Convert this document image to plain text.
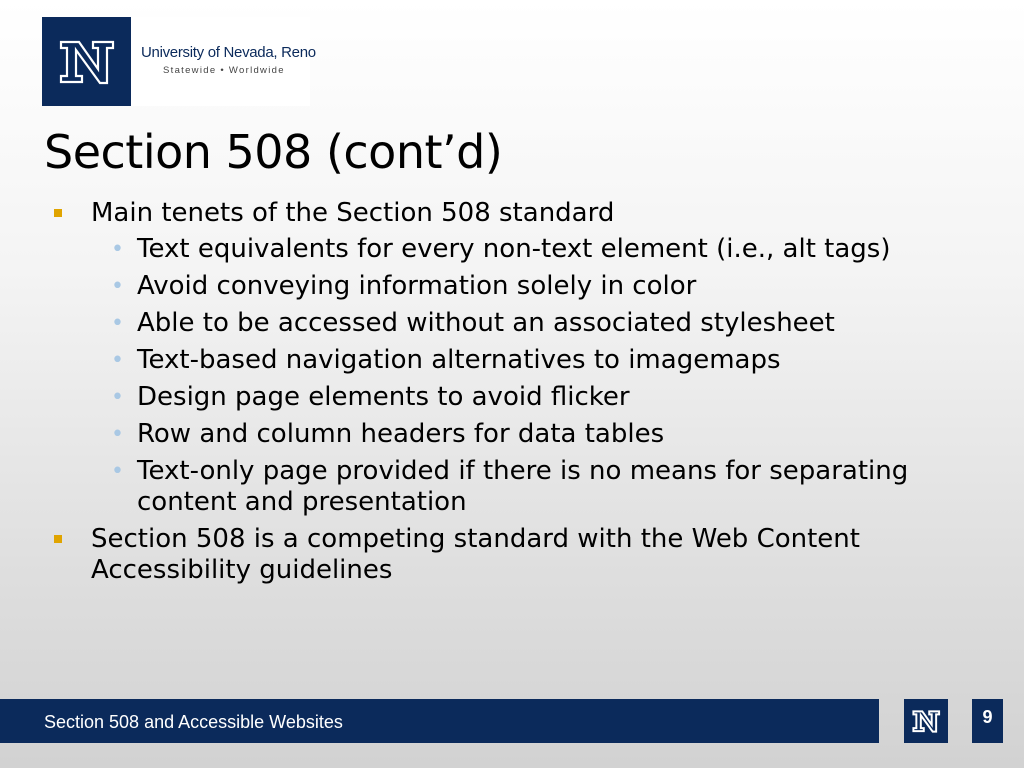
University of Nevada, Reno
Statewide • Worldwide
Section 508 (cont’d)
Main tenets of the Section 508 standard
• Text equivalents for every non-text element (i.e., alt tags)
• Avoid conveying information solely in color
• Able to be accessed without an associated stylesheet
• Text-based navigation alternatives to imagemaps
• Design page elements to avoid flicker
• Row and column headers for data tables
• Text-only page provided if there is no means for separating content and presentation
Section 508 is a competing standard with the Web Content Accessibility guidelines
Section 508 and Accessible Websites	9
